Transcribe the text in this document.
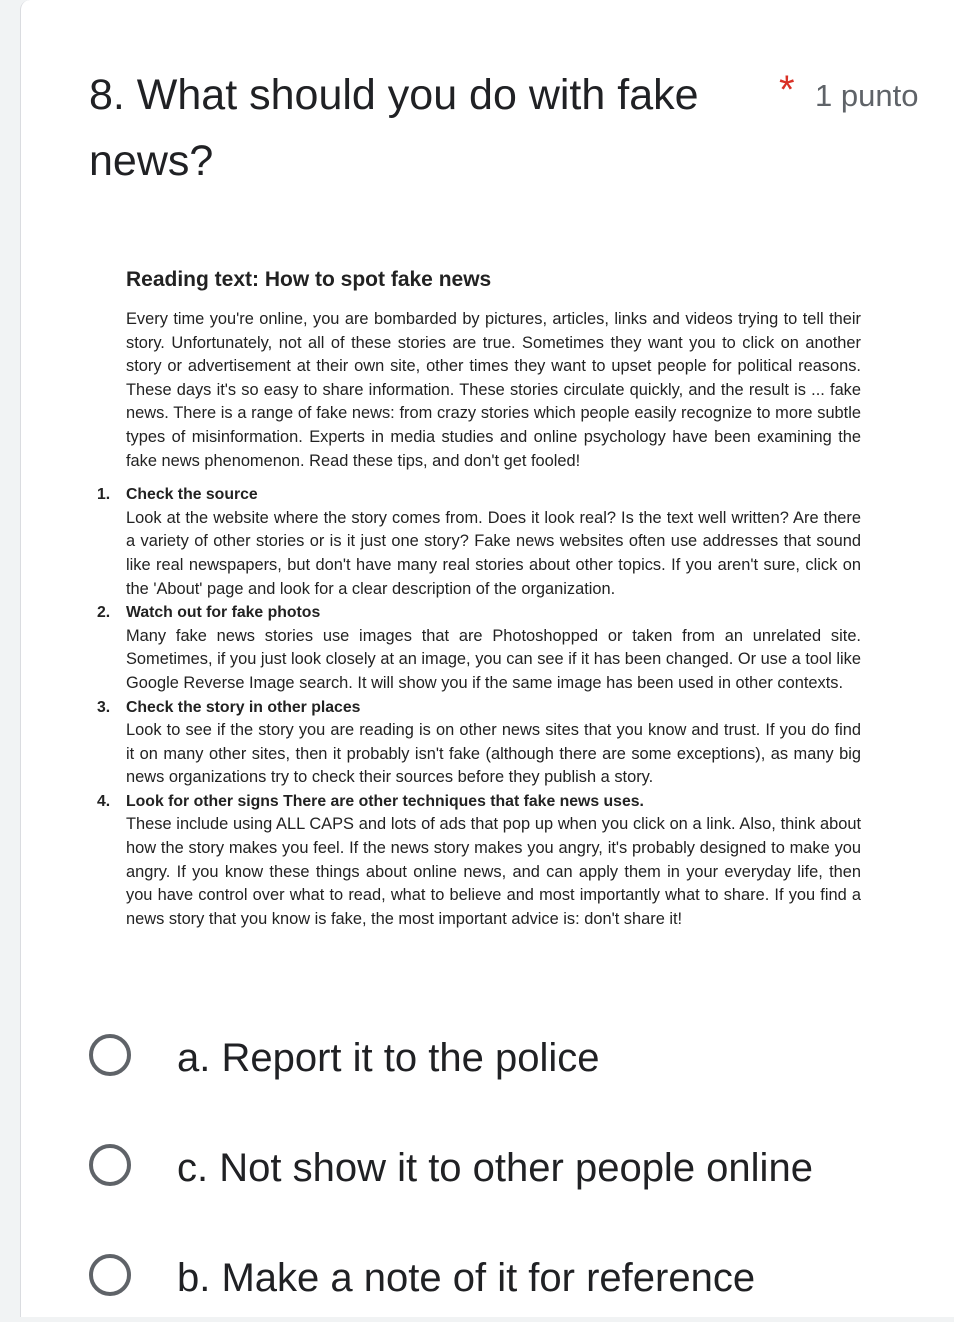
8. What should you do with fake news?
* 1 punto
Reading text: How to spot fake news
Every time you're online, you are bombarded by pictures, articles, links and videos trying to tell their story. Unfortunately, not all of these stories are true. Sometimes they want you to click on another story or advertisement at their own site, other times they want to upset people for political reasons. These days it's so easy to share information. These stories circulate quickly, and the result is ... fake news. There is a range of fake news: from crazy stories which people easily recognize to more subtle types of misinformation. Experts in media studies and online psychology have been examining the fake news phenomenon. Read these tips, and don't get fooled!
1. Check the source
Look at the website where the story comes from. Does it look real? Is the text well written? Are there a variety of other stories or is it just one story? Fake news websites often use addresses that sound like real newspapers, but don't have many real stories about other topics. If you aren't sure, click on the 'About' page and look for a clear description of the organization.
2. Watch out for fake photos
Many fake news stories use images that are Photoshopped or taken from an unrelated site. Sometimes, if you just look closely at an image, you can see if it has been changed. Or use a tool like Google Reverse Image search. It will show you if the same image has been used in other contexts.
3. Check the story in other places
Look to see if the story you are reading is on other news sites that you know and trust. If you do find it on many other sites, then it probably isn't fake (although there are some exceptions), as many big news organizations try to check their sources before they publish a story.
4. Look for other signs There are other techniques that fake news uses.
These include using ALL CAPS and lots of ads that pop up when you click on a link. Also, think about how the story makes you feel. If the news story makes you angry, it's probably designed to make you angry. If you know these things about online news, and can apply them in your everyday life, then you have control over what to read, what to believe and most importantly what to share. If you find a news story that you know is fake, the most important advice is: don't share it!
a. Report it to the police
c. Not show it to other people online
b. Make a note of it for reference
